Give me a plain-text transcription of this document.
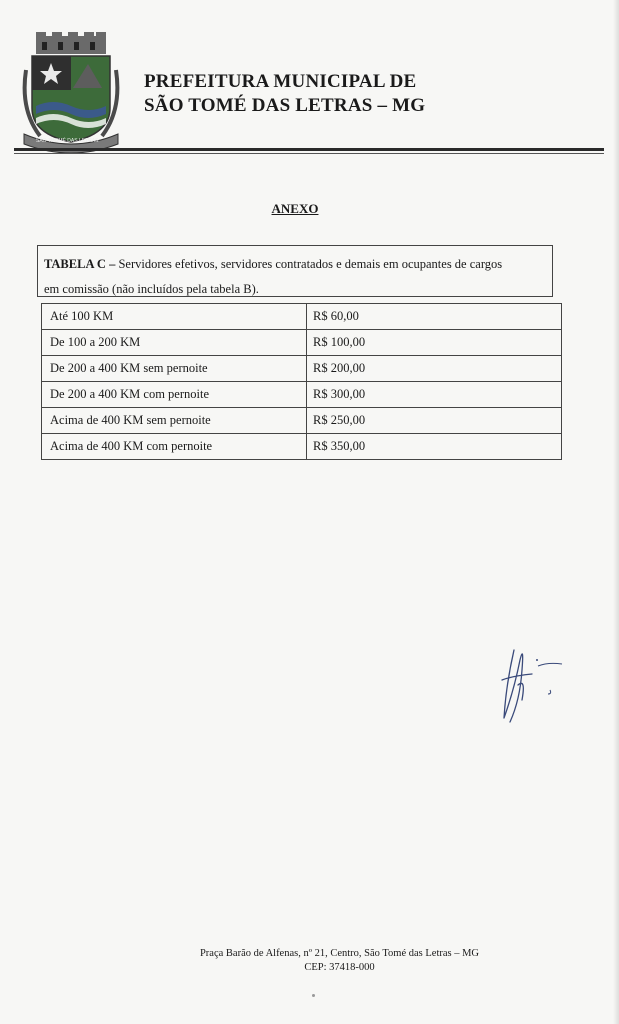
SÃO THOMÉ DAS LETRAS
PREFEITURA MUNICIPAL DE
SÃO TOMÉ DAS LETRAS – MG
ANEXO
TABELA C – Servidores efetivos, servidores contratados e demais em ocupantes de cargos
em comissão (não incluídos pela tabela B).
Até 100 KM	R$ 60,00
De 100 a 200 KM	R$ 100,00
De 200 a 400 KM sem pernoite	R$ 200,00
De 200 a 400 KM com pernoite	R$ 300,00
Acima de 400 KM sem pernoite	R$ 250,00
Acima de 400 KM com pernoite	R$ 350,00
Praça Barão de Alfenas, nº 21, Centro, São Tomé das Letras – MG
CEP: 37418-000
